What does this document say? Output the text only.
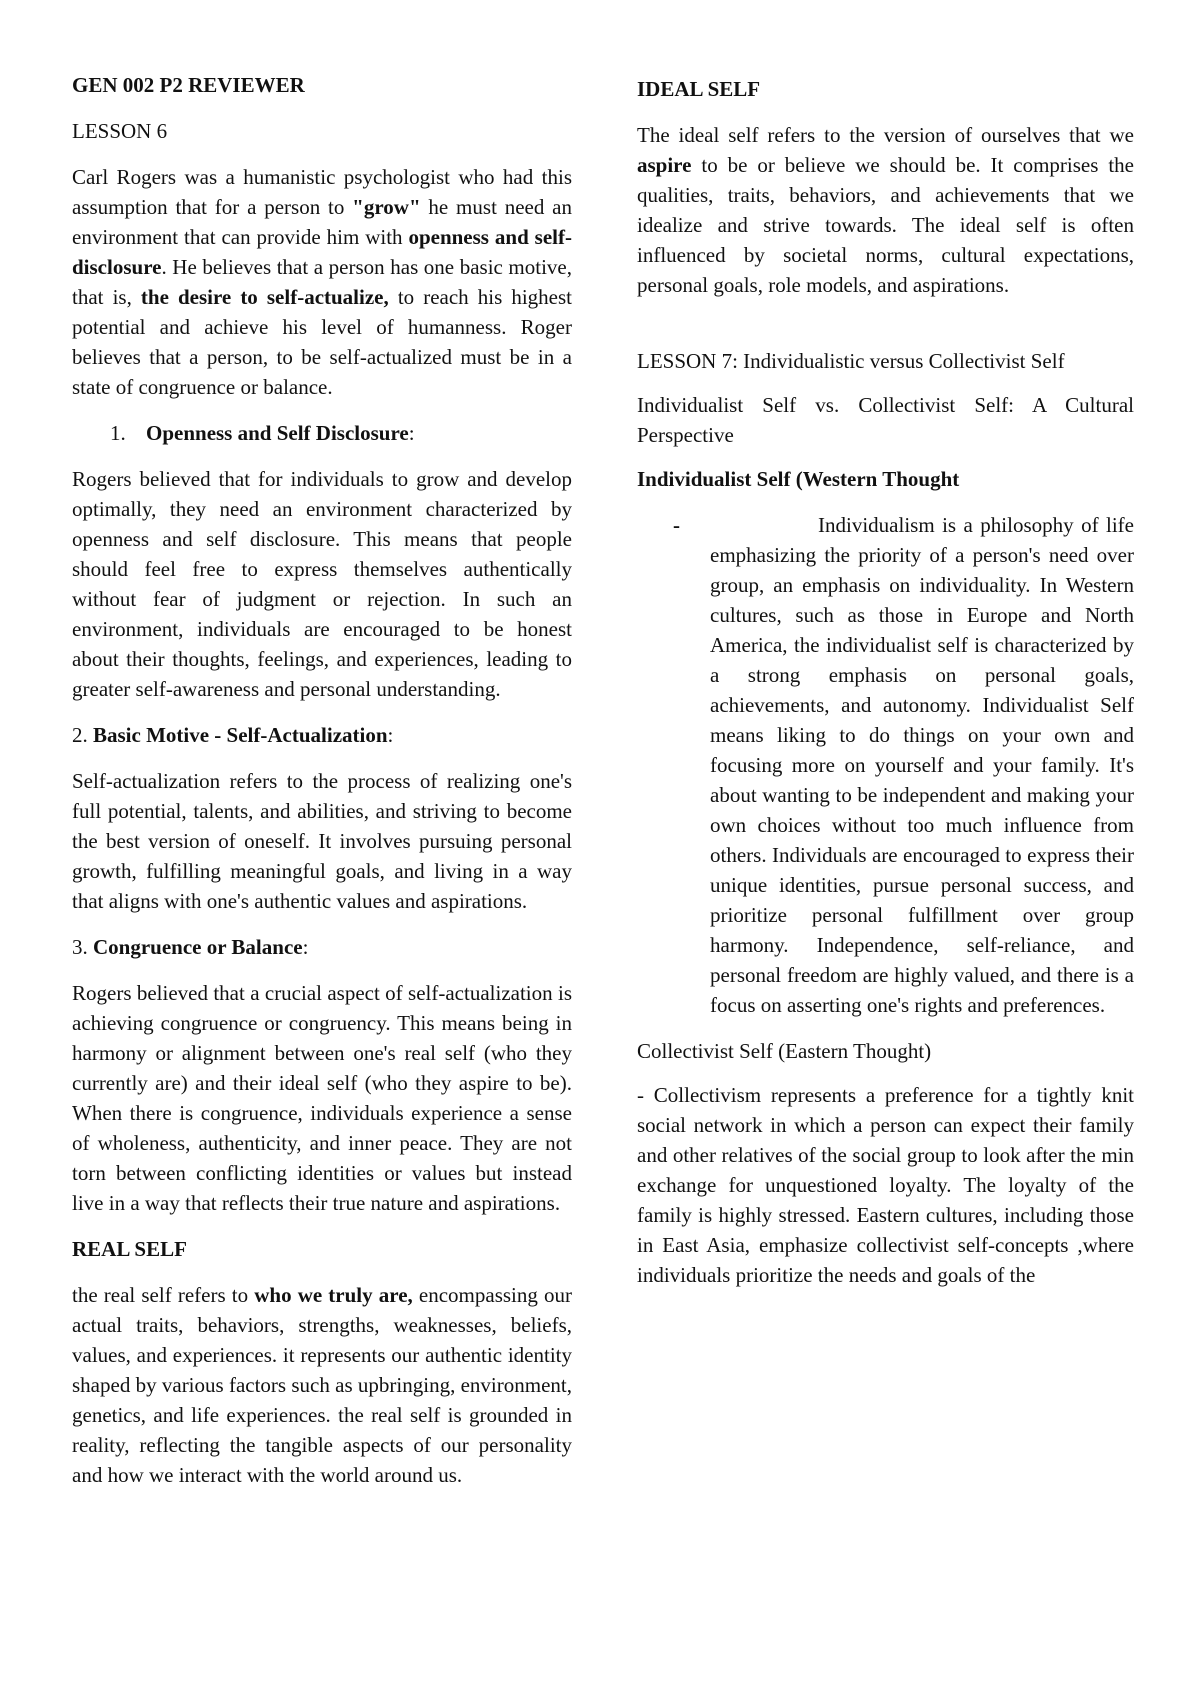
GEN 002 P2 REVIEWER

LESSON 6

Carl Rogers was a humanistic psychologist who had this assumption that for a person to "grow" he must need an environment that can provide him with openness and self-disclosure. He believes that a person has one basic motive, that is, the desire to self-actualize, to reach his highest potential and achieve his level of humanness. Roger believes that a person, to be self-actualized must be in a state of congruence or balance.

1. Openness and Self Disclosure:

Rogers believed that for individuals to grow and develop optimally, they need an environment characterized by openness and self disclosure. This means that people should feel free to express themselves authentically without fear of judgment or rejection. In such an environment, individuals are encouraged to be honest about their thoughts, feelings, and experiences, leading to greater self-awareness and personal understanding.

2. Basic Motive - Self-Actualization:

Self-actualization refers to the process of realizing one's full potential, talents, and abilities, and striving to become the best version of oneself. It involves pursuing personal growth, fulfilling meaningful goals, and living in a way that aligns with one's authentic values and aspirations.

3. Congruence or Balance:

Rogers believed that a crucial aspect of self-actualization is achieving congruence or congruency. This means being in harmony or alignment between one's real self (who they currently are) and their ideal self (who they aspire to be). When there is congruence, individuals experience a sense of wholeness, authenticity, and inner peace. They are not torn between conflicting identities or values but instead live in a way that reflects their true nature and aspirations.

REAL SELF

the real self refers to who we truly are, encompassing our actual traits, behaviors, strengths, weaknesses, beliefs, values, and experiences. it represents our authentic identity shaped by various factors such as upbringing, environment, genetics, and life experiences. the real self is grounded in reality, reflecting the tangible aspects of our personality and how we interact with the world around us.

IDEAL SELF

The ideal self refers to the version of ourselves that we aspire to be or believe we should be. It comprises the qualities, traits, behaviors, and achievements that we idealize and strive towards. The ideal self is often influenced by societal norms, cultural expectations, personal goals, role models, and aspirations.

LESSON 7: Individualistic versus Collectivist Self

Individualist Self vs. Collectivist Self: A Cultural Perspective

Individualist Self (Western Thought

-	Individualism is a philosophy of life emphasizing the priority of a person's need over group, an emphasis on individuality. In Western cultures, such as those in Europe and North America, the individualist self is characterized by a strong emphasis on personal goals, achievements, and autonomy. Individualist Self means liking to do things on your own and focusing more on yourself and your family. It's about wanting to be independent and making your own choices without too much influence from others. Individuals are encouraged to express their unique identities, pursue personal success, and prioritize personal fulfillment over group harmony. Independence, self-reliance, and personal freedom are highly valued, and there is a focus on asserting one's rights and preferences.

Collectivist Self (Eastern Thought)

- Collectivism represents a preference for a tightly knit social network in which a person can expect their family and other relatives of the social group to look after the min exchange for unquestioned loyalty. The loyalty of the family is highly stressed. Eastern cultures, including those in East Asia, emphasize collectivist self-concepts ,where individuals prioritize the needs and goals of the
